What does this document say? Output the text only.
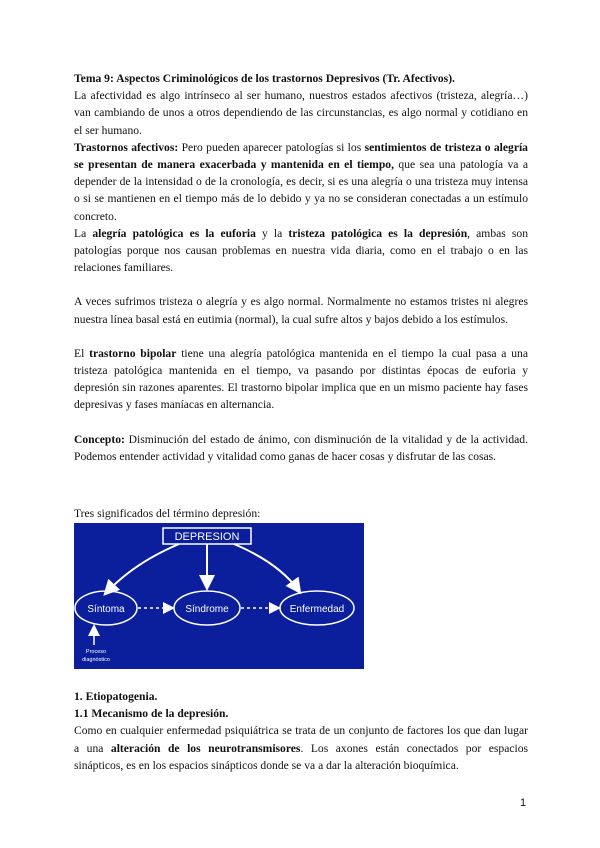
Tema 9: Aspectos Criminológicos de los trastornos Depresivos (Tr. Afectivos).

La afectividad es algo intrínseco al ser humano, nuestros estados afectivos (tristeza, alegría…) van cambiando de unos a otros dependiendo de las circunstancias, es algo normal y cotidiano en el ser humano.

Trastornos afectivos: Pero pueden aparecer patologías si los sentimientos de tristeza o alegría se presentan de manera exacerbada y mantenida en el tiempo, que sea una patología va a depender de la intensidad o de la cronología, es decir, si es una alegría o una tristeza muy intensa o si se mantienen en el tiempo más de lo debido y ya no se consideran conectadas a un estímulo concreto.

La alegría patológica es la euforia y la tristeza patológica es la depresión, ambas son patologías porque nos causan problemas en nuestra vida diaria, como en el trabajo o en las relaciones familiares.

A veces sufrimos tristeza o alegría y es algo normal. Normalmente no estamos tristes ni alegres nuestra línea basal está en eutimia (normal), la cual sufre altos y bajos debido a los estímulos.

El trastorno bipolar tiene una alegría patológica mantenida en el tiempo la cual pasa a una tristeza patológica mantenida en el tiempo, va pasando por distintas épocas de euforia y depresión sin razones aparentes. El trastorno bipolar implica que en un mismo paciente hay fases depresivas y fases maníacas en alternancia.

Concepto: Disminución del estado de ánimo, con disminución de la vitalidad y de la actividad. Podemos entender actividad y vitalidad como ganas de hacer cosas y disfrutar de las cosas.

Tres significados del término depresión:
DEPRESION
Síntoma	Síndrome	Enfermedad
Proceso
diagnóstico

1. Etiopatogenia.

1.1 Mecanismo de la depresión.

Como en cualquier enfermedad psiquiátrica se trata de un conjunto de factores los que dan lugar a una alteración de los neurotransmisores. Los axones están conectados por espacios sinápticos, es en los espacios sinápticos donde se va a dar la alteración bioquímica.

1
